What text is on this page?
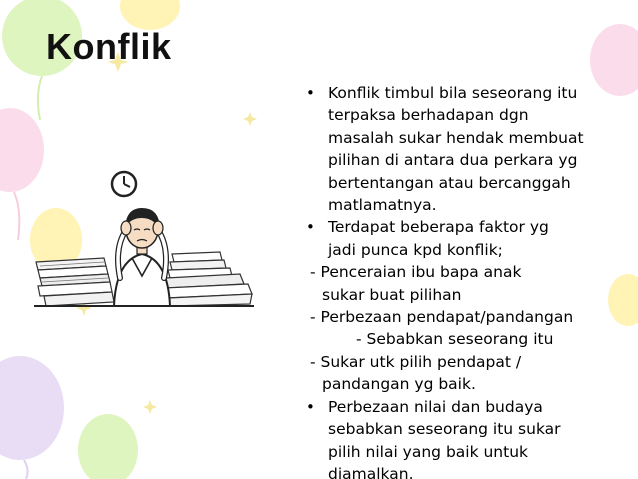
Konflik
• Konflik timbul bila seseorang itu
terpaksa berhadapan dgn
masalah sukar hendak membuat
pilihan di antara dua perkara yg
bertentangan atau bercanggah
matlamatnya.
• Terdapat beberapa faktor yg
jadi punca kpd konflik;
- Penceraian ibu bapa anak
sukar buat pilihan
- Perbezaan pendapat/pandangan
- Sebabkan seseorang itu
- Sukar utk pilih pendapat /
pandangan yg baik.
• Perbezaan nilai dan budaya
sebabkan seseorang itu sukar
pilih nilai yang baik untuk
diamalkan.
